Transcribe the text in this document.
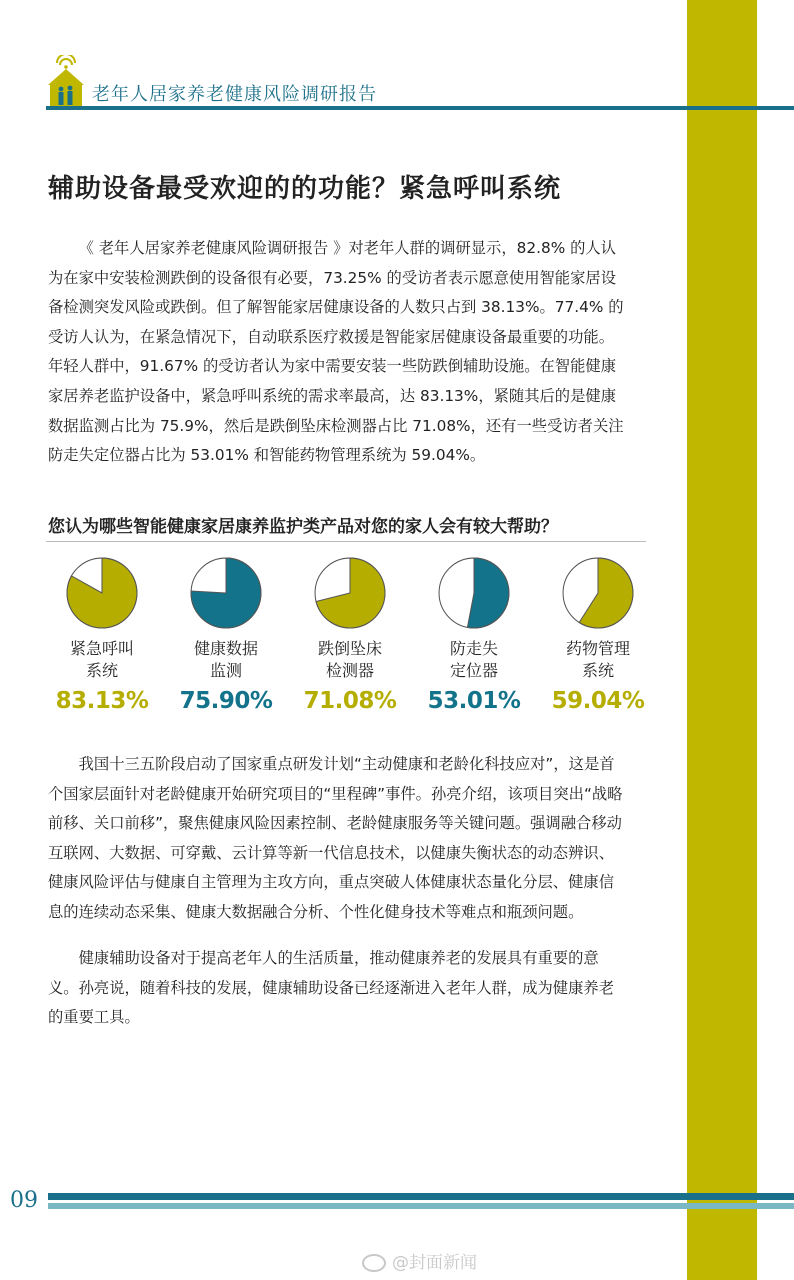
老年人居家养老健康风险调研报告
辅助设备最受欢迎的的功能？紧急呼叫系统

《 老年人居家养老健康风险调研报告 》对老年人群的调研显示，82.8% 的人认为在家中安装检测跌倒的设备很有必要，73.25% 的受访者表示愿意使用智能家居设备检测突发风险或跌倒。但了解智能家居健康设备的人数只占到 38.13%。77.4% 的受访人认为，在紧急情况下，自动联系医疗救援是智能家居健康设备最重要的功能。年轻人群中，91.67% 的受访者认为家中需要安装一些防跌倒辅助设施。在智能健康家居养老监护设备中，紧急呼叫系统的需求率最高，达 83.13%，紧随其后的是健康数据监测占比为 75.9%，然后是跌倒坠床检测器占比 71.08%，还有一些受访者关注防走失定位器占比为 53.01% 和智能药物管理系统为 59.04%。

您认为哪些智能健康家居康养监护类产品对您的家人会有较大帮助？

紧急呼叫
系统
83.13%
健康数据
监测
75.90%
跌倒坠床
检测器
71.08%
防走失
定位器
53.01%
药物管理
系统
59.04%

我国十三五阶段启动了国家重点研发计划“主动健康和老龄化科技应对”，这是首个国家层面针对老龄健康开始研究项目的“里程碑”事件。孙亮介绍，该项目突出“战略前移、关口前移”，聚焦健康风险因素控制、老龄健康服务等关键问题。强调融合移动互联网、大数据、可穿戴、云计算等新一代信息技术，以健康失衡状态的动态辨识、健康风险评估与健康自主管理为主攻方向，重点突破人体健康状态量化分层、健康信息的连续动态采集、健康大数据融合分析、个性化健身技术等难点和瓶颈问题。

健康辅助设备对于提高老年人的生活质量，推动健康养老的发展具有重要的意义。孙亮说，随着科技的发展，健康辅助设备已经逐渐进入老年人群，成为健康养老的重要工具。

09
@封面新闻
